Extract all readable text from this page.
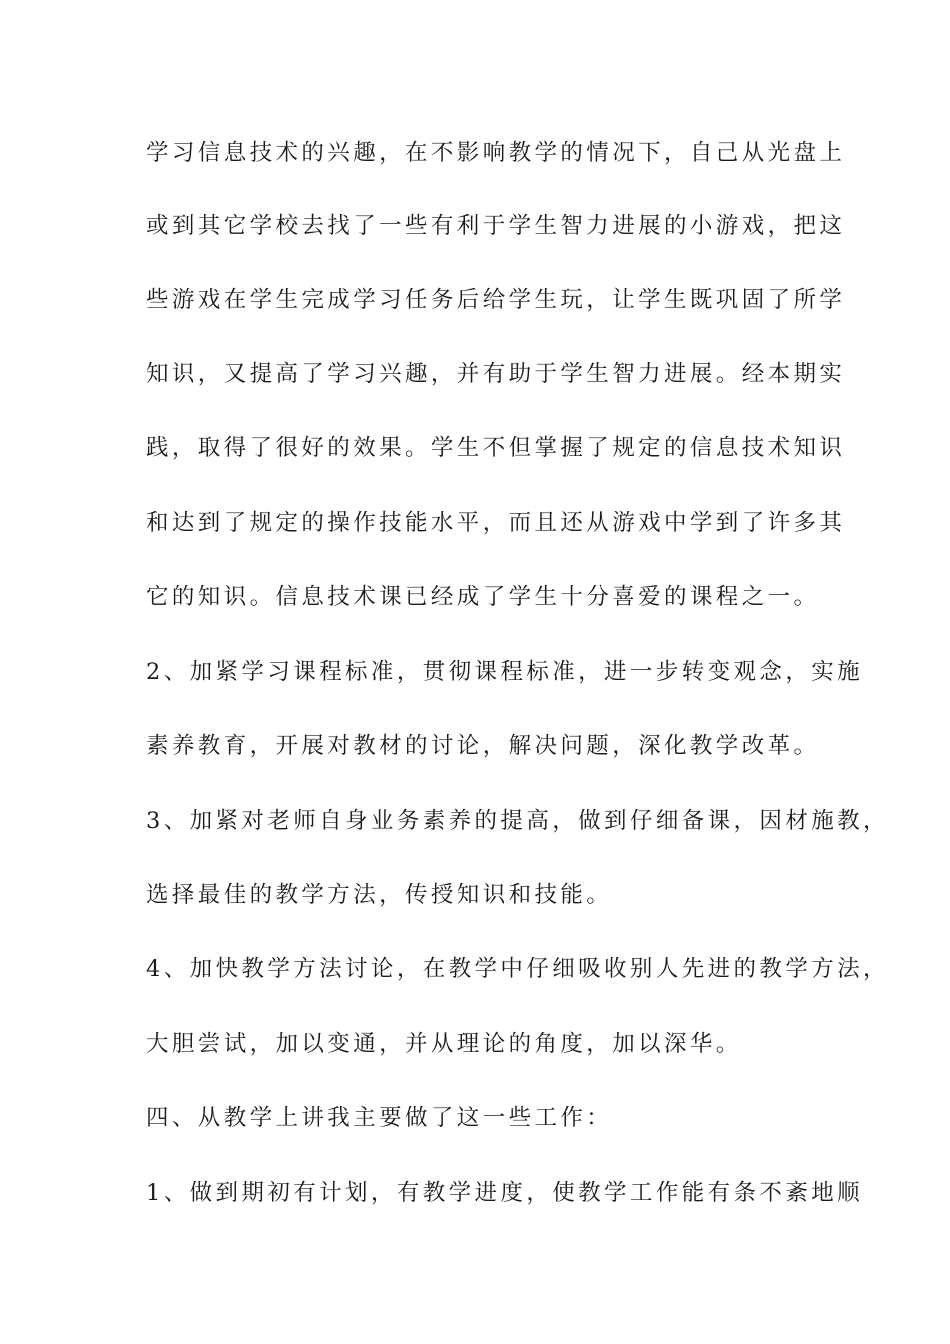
学习信息技术的兴趣，在不影响教学的情况下，自己从光盘上
或到其它学校去找了一些有利于学生智力进展的小游戏，把这
些游戏在学生完成学习任务后给学生玩，让学生既巩固了所学
知识，又提高了学习兴趣，并有助于学生智力进展。经本期实
践，取得了很好的效果。学生不但掌握了规定的信息技术知识
和达到了规定的操作技能水平，而且还从游戏中学到了许多其
它的知识。信息技术课已经成了学生十分喜爱的课程之一。
2、加紧学习课程标准，贯彻课程标准，进一步转变观念，实施
素养教育，开展对教材的讨论，解决问题，深化教学改革。
3、加紧对老师自身业务素养的提高，做到仔细备课，因材施教，
选择最佳的教学方法，传授知识和技能。
4、加快教学方法讨论，在教学中仔细吸收别人先进的教学方法，
大胆尝试，加以变通，并从理论的角度，加以深华。
四、从教学上讲我主要做了这一些工作：
1、做到期初有计划，有教学进度，使教学工作能有条不紊地顺
